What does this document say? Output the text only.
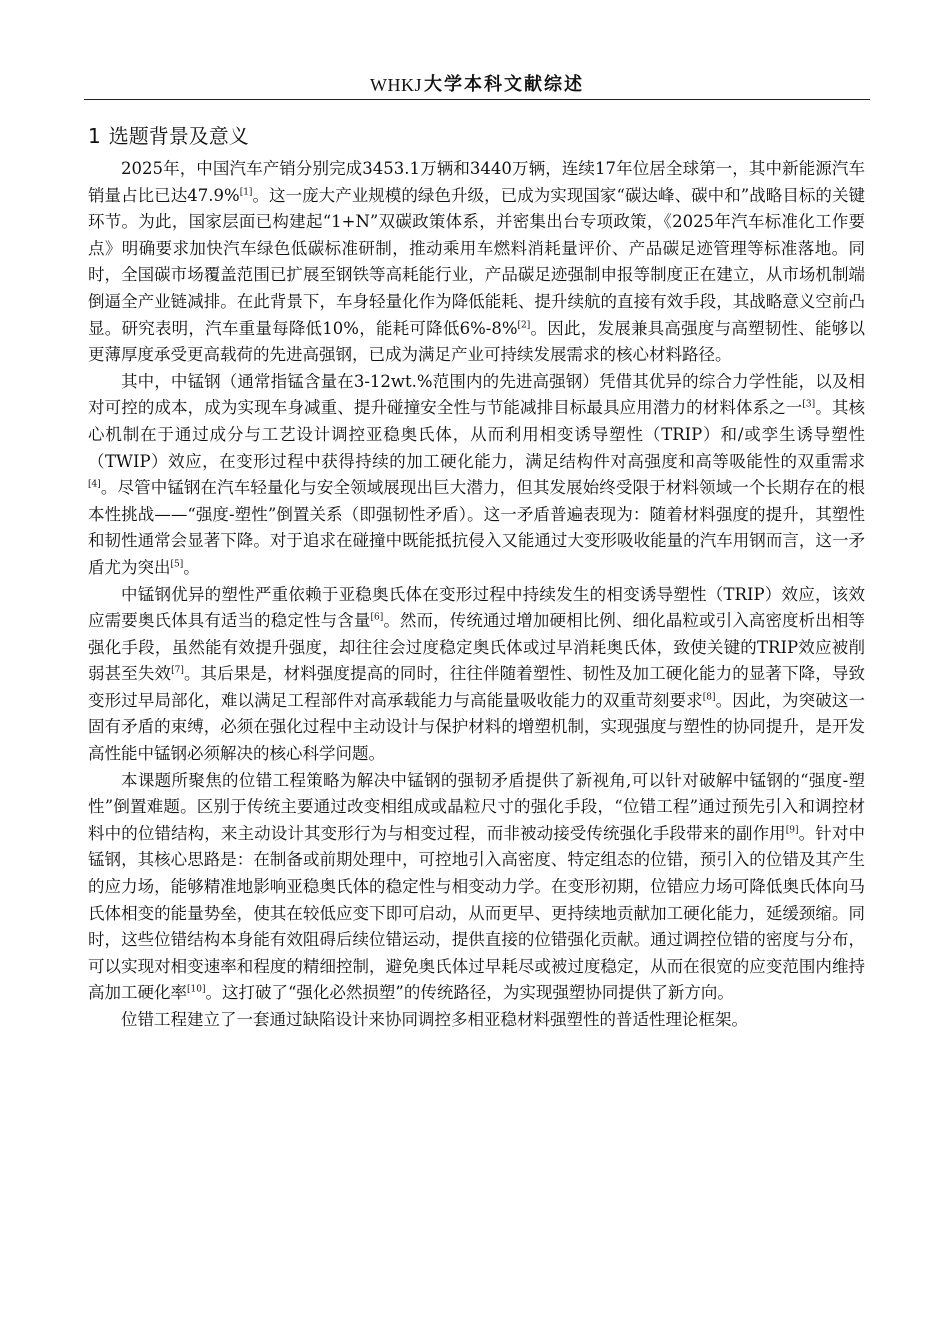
WHKJ 大学本科文献综述
1 选题背景及意义

2025年，中国汽车产销分别完成3453.1万辆和3440万辆，连续17年位居全球第一，其中新能源汽车销量占比已达47.9%[1]。这一庞大产业规模的绿色升级，已成为实现国家“碳达峰、碳中和”战略目标的关键环节。为此，国家层面已构建起“1+N”双碳政策体系，并密集出台专项政策，《2025年汽车标准化工作要点》明确要求加快汽车绿色低碳标准研制，推动乘用车燃料消耗量评价、产品碳足迹管理等标准落地。同时，全国碳市场覆盖范围已扩展至钢铁等高耗能行业，产品碳足迹强制申报等制度正在建立，从市场机制端倒逼全产业链减排。在此背景下，车身轻量化作为降低能耗、提升续航的直接有效手段，其战略意义空前凸显。研究表明，汽车重量每降低10%，能耗可降低6%-8%[2]。因此，发展兼具高强度与高塑韧性、能够以更薄厚度承受更高载荷的先进高强钢，已成为满足产业可持续发展需求的核心材料路径。

其中，中锰钢（通常指锰含量在3-12wt.%范围内的先进高强钢）凭借其优异的综合力学性能，以及相对可控的成本，成为实现车身减重、提升碰撞安全性与节能减排目标最具应用潜力的材料体系之一[3]。其核心机制在于通过成分与工艺设计调控亚稳奥氏体，从而利用相变诱导塑性（TRIP）和/或孪生诱导塑性（TWIP）效应，在变形过程中获得持续的加工硬化能力，满足结构件对高强度和高等吸能性的双重需求[4]。尽管中锰钢在汽车轻量化与安全领域展现出巨大潜力，但其发展始终受限于材料领域一个长期存在的根本性挑战——“强度-塑性”倒置关系（即强韧性矛盾）。这一矛盾普遍表现为：随着材料强度的提升，其塑性和韧性通常会显著下降。对于追求在碰撞中既能抵抗侵入又能通过大变形吸收能量的汽车用钢而言，这一矛盾尤为突出[5]。

中锰钢优异的塑性严重依赖于亚稳奥氏体在变形过程中持续发生的相变诱导塑性（TRIP）效应，该效应需要奥氏体具有适当的稳定性与含量[6]。然而，传统通过增加硬相比例、细化晶粒或引入高密度析出相等强化手段，虽然能有效提升强度，却往往会过度稳定奥氏体或过早消耗奥氏体，致使关键的TRIP效应被削弱甚至失效[7]。其后果是，材料强度提高的同时，往往伴随着塑性、韧性及加工硬化能力的显著下降，导致变形过早局部化，难以满足工程部件对高承载能力与高能量吸收能力的双重苛刻要求[8]。因此，为突破这一固有矛盾的束缚，必须在强化过程中主动设计与保护材料的增塑机制，实现强度与塑性的协同提升，是开发高性能中锰钢必须解决的核心科学问题。

本课题所聚焦的位错工程策略为解决中锰钢的强韧矛盾提供了新视角,可以针对破解中锰钢的“强度-塑性”倒置难题。区别于传统主要通过改变相组成或晶粒尺寸的强化手段，“位错工程”通过预先引入和调控材料中的位错结构，来主动设计其变形行为与相变过程，而非被动接受传统强化手段带来的副作用[9]。针对中锰钢，其核心思路是：在制备或前期处理中，可控地引入高密度、特定组态的位错，预引入的位错及其产生的应力场，能够精准地影响亚稳奥氏体的稳定性与相变动力学。在变形初期，位错应力场可降低奥氏体向马氏体相变的能量势垒，使其在较低应变下即可启动，从而更早、更持续地贡献加工硬化能力，延缓颈缩。同时，这些位错结构本身能有效阻碍后续位错运动，提供直接的位错强化贡献。通过调控位错的密度与分布，可以实现对相变速率和程度的精细控制，避免奥氏体过早耗尽或被过度稳定，从而在很宽的应变范围内维持高加工硬化率[10]。这打破了“强化必然损塑”的传统路径，为实现强塑协同提供了新方向。

位错工程建立了一套通过缺陷设计来协同调控多相亚稳材料强塑性的普适性理论框架。
